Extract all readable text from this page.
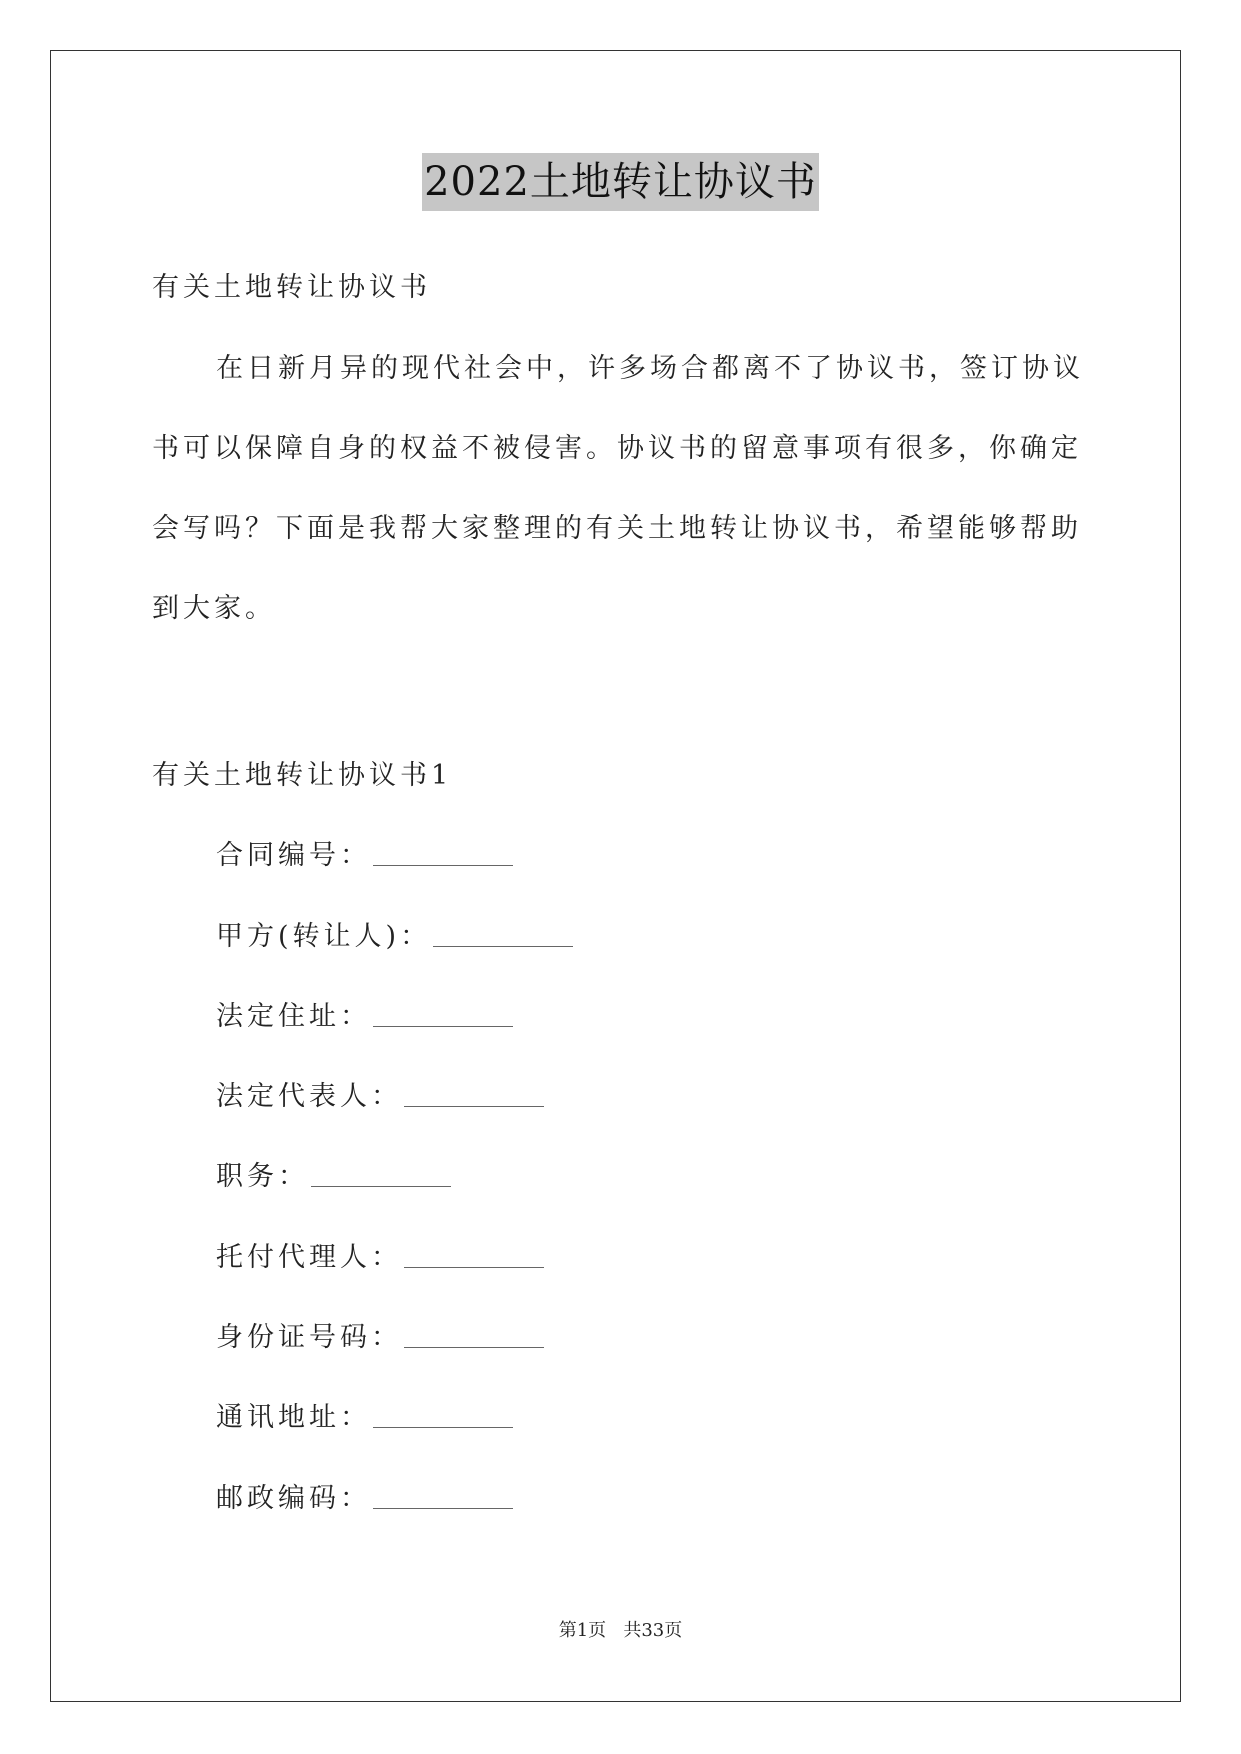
2022土地转让协议书
有关土地转让协议书
在日新月异的现代社会中，许多场合都离不了协议书，签订协议
书可以保障自身的权益不被侵害。协议书的留意事项有很多，你确定
会写吗？下面是我帮大家整理的有关土地转让协议书，希望能够帮助
到大家。
有关土地转让协议书1
合同编号：
甲方(转让人)：
法定住址：
法定代表人：
职务：
托付代理人：
身份证号码：
通讯地址：
邮政编码：
第1页   共33页
